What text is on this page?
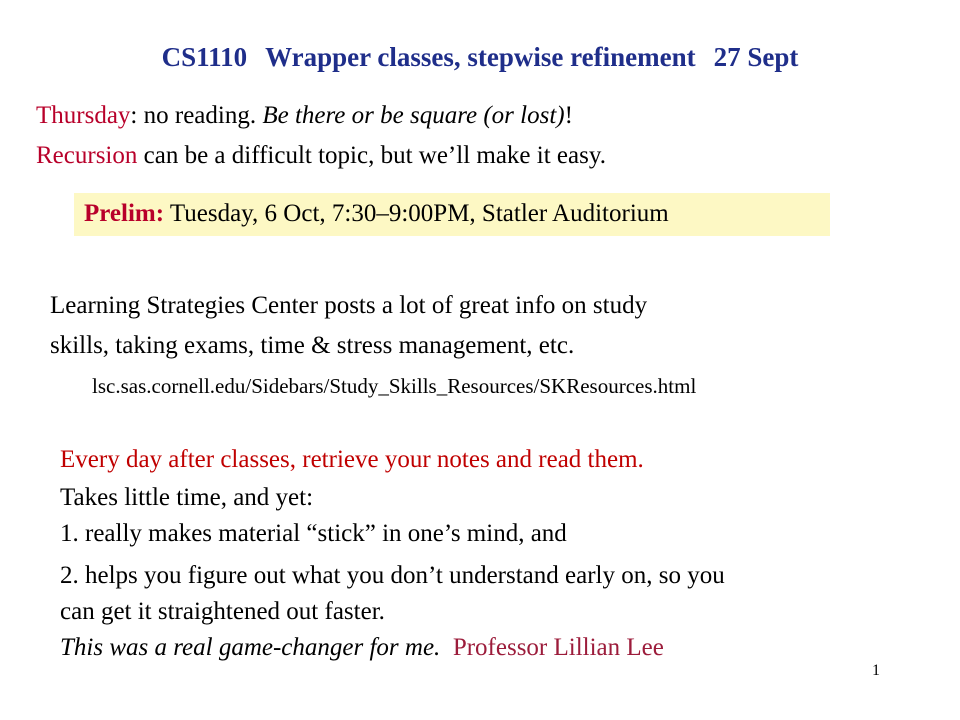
CS1110 Wrapper classes, stepwise refinement 27 Sept
Thursday: no reading. Be there or be square (or lost)!
Recursion can be a difficult topic, but we’ll make it easy.
Prelim: Tuesday, 6 Oct, 7:30–9:00PM, Statler Auditorium
Learning Strategies Center posts a lot of great info on study
skills, taking exams, time & stress management, etc.
lsc.sas.cornell.edu/Sidebars/Study_Skills_Resources/SKResources.html
Every day after classes, retrieve your notes and read them.
Takes little time, and yet:
1. really makes material “stick” in one’s mind, and
2. helps you figure out what you don’t understand early on, so you
can get it straightened out faster.
This was a real game-changer for me. Professor Lillian Lee
1
